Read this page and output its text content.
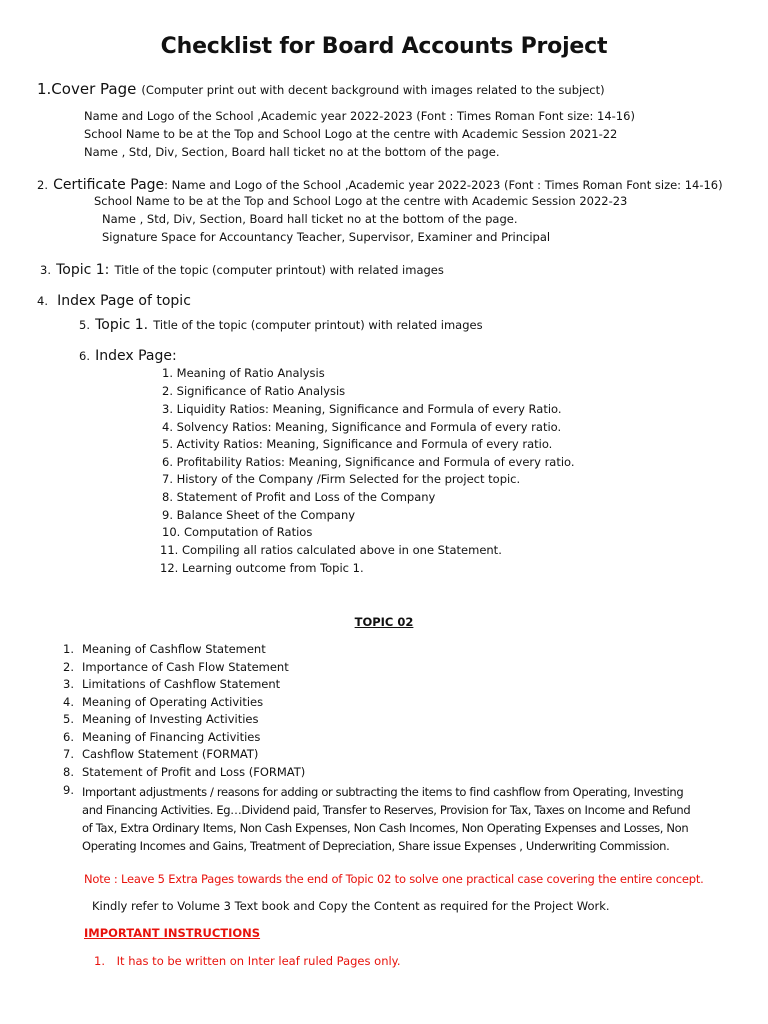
Checklist for Board Accounts Project
1.Cover Page (Computer print out with decent background with images related to the subject)
Name and Logo of the School ,Academic year 2022-2023 (Font : Times Roman Font size: 14-16)
School Name to be at the Top and School Logo at the centre with Academic Session 2021-22
Name , Std, Div, Section, Board hall ticket no at the bottom of the page.
2. Certificate Page: Name and Logo of the School ,Academic year 2022-2023 (Font : Times Roman Font size: 14-16)
School Name to be at the Top and School Logo at the centre with Academic Session 2022-23
Name , Std, Div, Section, Board hall ticket no at the bottom of the page.
Signature Space for Accountancy Teacher, Supervisor, Examiner and Principal
3. Topic 1: Title of the topic (computer printout) with related images
4. Index Page of topic
5. Topic 1. Title of the topic (computer printout) with related images
6. Index Page:
1. Meaning of Ratio Analysis
2. Significance of Ratio Analysis
3. Liquidity Ratios: Meaning, Significance and Formula of every Ratio.
4. Solvency Ratios: Meaning, Significance and Formula of every ratio.
5. Activity Ratios: Meaning, Significance and Formula of every ratio.
6. Profitability Ratios: Meaning, Significance and Formula of every ratio.
7. History of the Company /Firm Selected for the project topic.
8. Statement of Profit and Loss of the Company
9. Balance Sheet of the Company
10. Computation of Ratios
11. Compiling all ratios calculated above in one Statement.
12. Learning outcome from Topic 1.
TOPIC 02
1. Meaning of Cashflow Statement
2. Importance of Cash Flow Statement
3. Limitations of Cashflow Statement
4. Meaning of Operating Activities
5. Meaning of Investing Activities
6. Meaning of Financing Activities
7. Cashflow Statement (FORMAT)
8. Statement of Profit and Loss (FORMAT)
9. Important adjustments / reasons for adding or subtracting the items to find cashflow from Operating, Investing
and Financing Activities. Eg…Dividend paid, Transfer to Reserves, Provision for Tax, Taxes on Income and Refund
of Tax, Extra Ordinary Items, Non Cash Expenses, Non Cash Incomes, Non Operating Expenses and Losses, Non
Operating Incomes and Gains, Treatment of Depreciation, Share issue Expenses , Underwriting Commission.
Note : Leave 5 Extra Pages towards the end of Topic 02 to solve one practical case covering the entire concept.
Kindly refer to Volume 3 Text book and Copy the Content as required for the Project Work.
IMPORTANT INSTRUCTIONS
1. It has to be written on Inter leaf ruled Pages only.
